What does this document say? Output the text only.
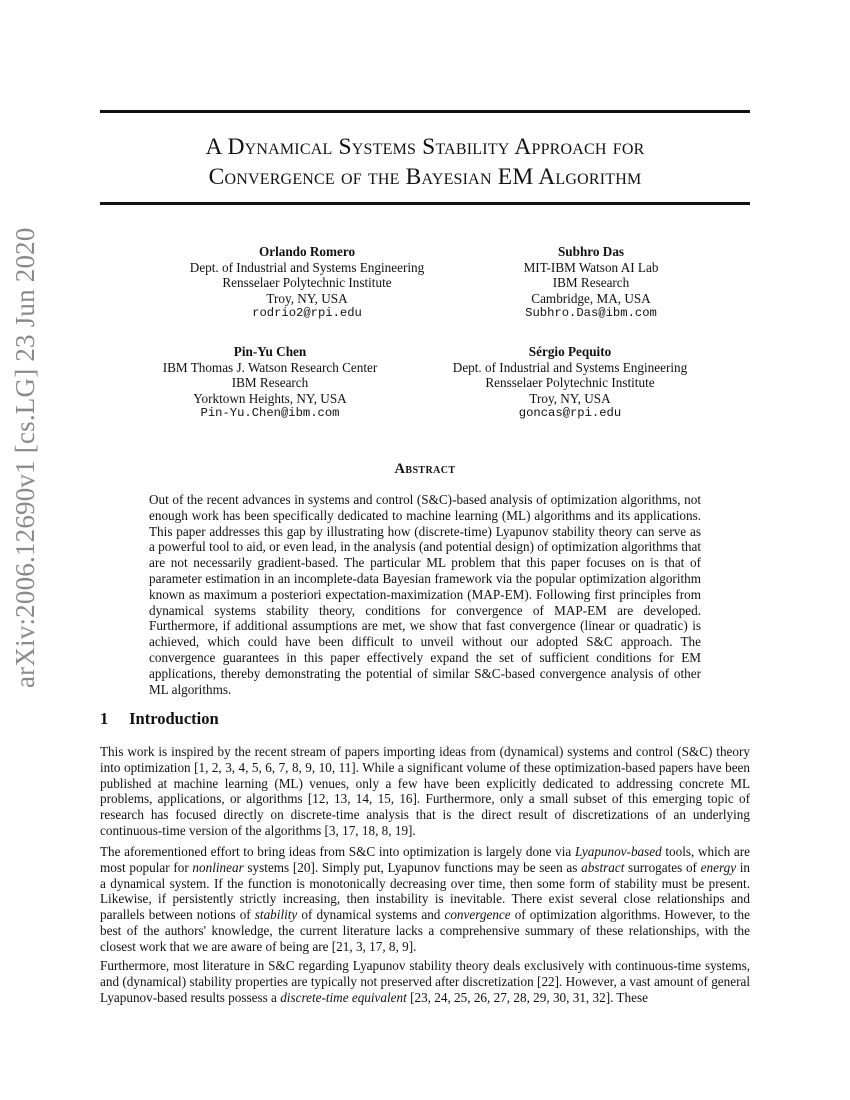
arXiv:2006.12690v1 [cs.LG] 23 Jun 2020
A Dynamical Systems Stability Approach for
Convergence of the Bayesian EM Algorithm
Orlando Romero
Dept. of Industrial and Systems Engineering
Rensselaer Polytechnic Institute
Troy, NY, USA
rodrio2@rpi.edu
Subhro Das
MIT-IBM Watson AI Lab
IBM Research
Cambridge, MA, USA
Subhro.Das@ibm.com
Pin-Yu Chen
IBM Thomas J. Watson Research Center
IBM Research
Yorktown Heights, NY, USA
Pin-Yu.Chen@ibm.com
Sérgio Pequito
Dept. of Industrial and Systems Engineering
Rensselaer Polytechnic Institute
Troy, NY, USA
goncas@rpi.edu
Abstract
Out of the recent advances in systems and control (S&C)-based analysis of optimization algorithms, not enough work has been specifically dedicated to machine learning (ML) algorithms and its applications. This paper addresses this gap by illustrating how (discrete-time) Lyapunov stability theory can serve as a powerful tool to aid, or even lead, in the analysis (and potential design) of optimization algorithms that are not necessarily gradient-based. The particular ML problem that this paper focuses on is that of parameter estimation in an incomplete-data Bayesian framework via the popular optimization algorithm known as maximum a posteriori expectation-maximization (MAP-EM). Following first principles from dynamical systems stability theory, conditions for convergence of MAP-EM are developed. Furthermore, if additional assumptions are met, we show that fast convergence (linear or quadratic) is achieved, which could have been difficult to unveil without our adopted S&C approach. The convergence guarantees in this paper effectively expand the set of sufficient conditions for EM applications, thereby demonstrating the potential of similar S&C-based convergence analysis of other ML algorithms.
1 Introduction
This work is inspired by the recent stream of papers importing ideas from (dynamical) systems and control (S&C) theory into optimization [1, 2, 3, 4, 5, 6, 7, 8, 9, 10, 11]. While a significant volume of these optimization-based papers have been published at machine learning (ML) venues, only a few have been explicitly dedicated to addressing concrete ML problems, applications, or algorithms [12, 13, 14, 15, 16]. Furthermore, only a small subset of this emerging topic of research has focused directly on discrete-time analysis that is the direct result of discretizations of an underlying continuous-time version of the algorithms [3, 17, 18, 8, 19].
The aforementioned effort to bring ideas from S&C into optimization is largely done via Lyapunov-based tools, which are most popular for nonlinear systems [20]. Simply put, Lyapunov functions may be seen as abstract surrogates of energy in a dynamical system. If the function is monotonically decreasing over time, then some form of stability must be present. Likewise, if persistently strictly increasing, then instability is inevitable. There exist several close relationships and parallels between notions of stability of dynamical systems and convergence of optimization algorithms. However, to the best of the authors' knowledge, the current literature lacks a comprehensive summary of these relationships, with the closest work that we are aware of being are [21, 3, 17, 8, 9].
Furthermore, most literature in S&C regarding Lyapunov stability theory deals exclusively with continuous-time systems, and (dynamical) stability properties are typically not preserved after discretization [22]. However, a vast amount of general Lyapunov-based results possess a discrete-time equivalent [23, 24, 25, 26, 27, 28, 29, 30, 31, 32]. These
